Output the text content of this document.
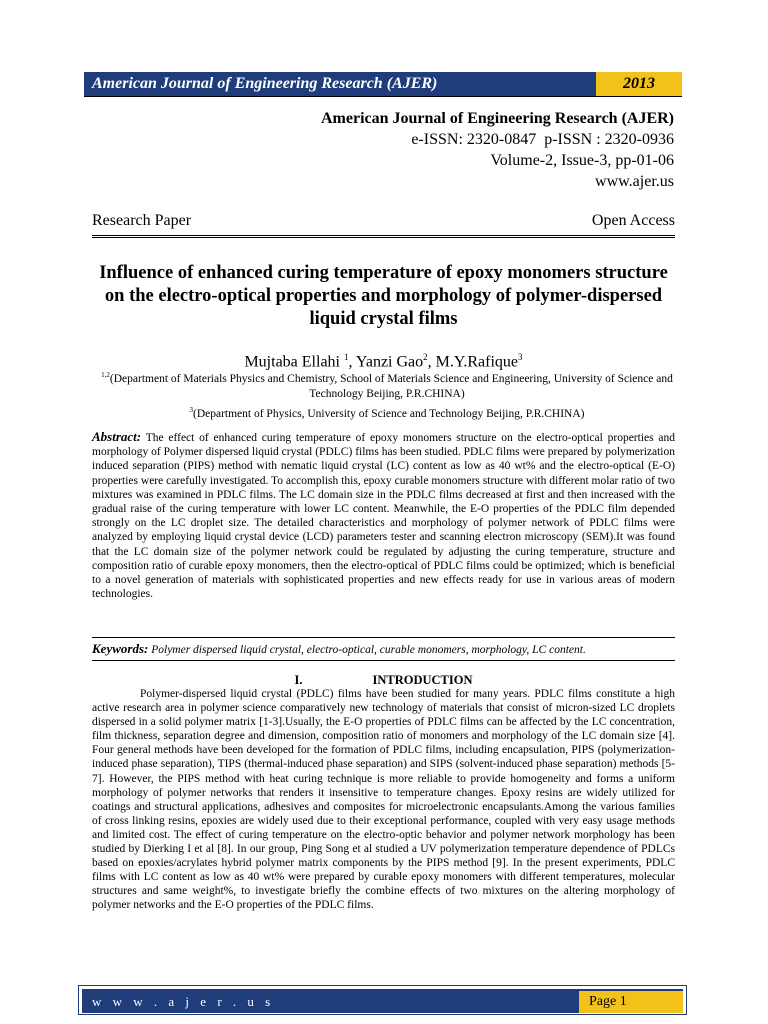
American Journal of Engineering Research (AJER)	2013
American Journal of Engineering Research (AJER)
e-ISSN: 2320-0847  p-ISSN : 2320-0936
Volume-2, Issue-3, pp-01-06
www.ajer.us
Research Paper	Open Access
Influence of enhanced curing temperature of epoxy monomers structure on the electro-optical properties and morphology of polymer-dispersed liquid crystal films
Mujtaba Ellahi $^1$, Yanzi Gao$^2$, M.Y.Rafique$^3$
$^{1,2}$(Department of Materials Physics and Chemistry, School of Materials Science and Engineering, University of Science and Technology Beijing, P.R.CHINA)
$^3$(Department of Physics, University of Science and Technology Beijing, P.R.CHINA)
Abstract: The effect of enhanced curing temperature of epoxy monomers structure on the electro-optical properties and morphology of Polymer dispersed liquid crystal (PDLC) films has been studied. PDLC films were prepared by polymerization induced separation (PIPS) method with nematic liquid crystal (LC) content as low as 40 wt% and the electro-optical (E-O) properties were carefully investigated. To accomplish this, epoxy curable monomers structure with different molar ratio of two mixtures was examined in PDLC films. The LC domain size in the PDLC films decreased at first and then increased with the gradual raise of the curing temperature with lower LC content. Meanwhile, the E-O properties of the PDLC film depended strongly on the LC droplet size. The detailed characteristics and morphology of polymer network of PDLC films were analyzed by employing liquid crystal device (LCD) parameters tester and scanning electron microscopy (SEM).It was found that the LC domain size of the polymer network could be regulated by adjusting the curing temperature, structure and composition ratio of curable epoxy monomers, then the electro-optical of PDLC films could be optimized; which is beneficial to a novel generation of materials with sophisticated properties and new effects ready for use in various areas of modern technologies.
Keywords: Polymer dispersed liquid crystal, electro-optical, curable monomers, morphology, LC content.
I.	INTRODUCTION
Polymer-dispersed liquid crystal (PDLC) films have been studied for many years. PDLC films constitute a high active research area in polymer science comparatively new technology of materials that consist of micron-sized LC droplets dispersed in a solid polymer matrix [1-3].Usually, the E-O properties of PDLC films can be affected by the LC concentration, film thickness, separation degree and dimension, composition ratio of monomers and morphology of the LC domain size [4]. Four general methods have been developed for the formation of PDLC films, including encapsulation, PIPS (polymerization-induced phase separation), TIPS (thermal-induced phase separation) and SIPS (solvent-induced phase separation) methods [5-7]. However, the PIPS method with heat curing technique is more reliable to provide homogeneity and forms a uniform morphology of polymer networks that renders it insensitive to temperature changes. Epoxy resins are widely utilized for coatings and structural applications, adhesives and composites for microelectronic encapsulants.Among the various families of cross linking resins, epoxies are widely used due to their exceptional performance, coupled with very easy usage methods and limited cost. The effect of curing temperature on the electro-optic behavior and polymer network morphology has been studied by Dierking I et al [8]. In our group, Ping Song et al studied a UV polymerization temperature dependence of PDLCs based on epoxies/acrylates hybrid polymer matrix components by the PIPS method [9]. In the present experiments, PDLC films with LC content as low as 40 wt% were prepared by curable epoxy monomers with different temperatures, molecular structures and same weight%, to investigate briefly the combine effects of two mixtures on the altering morphology of polymer networks and the E-O properties of the PDLC films.
w w w . a j e r . u s	Page 1
